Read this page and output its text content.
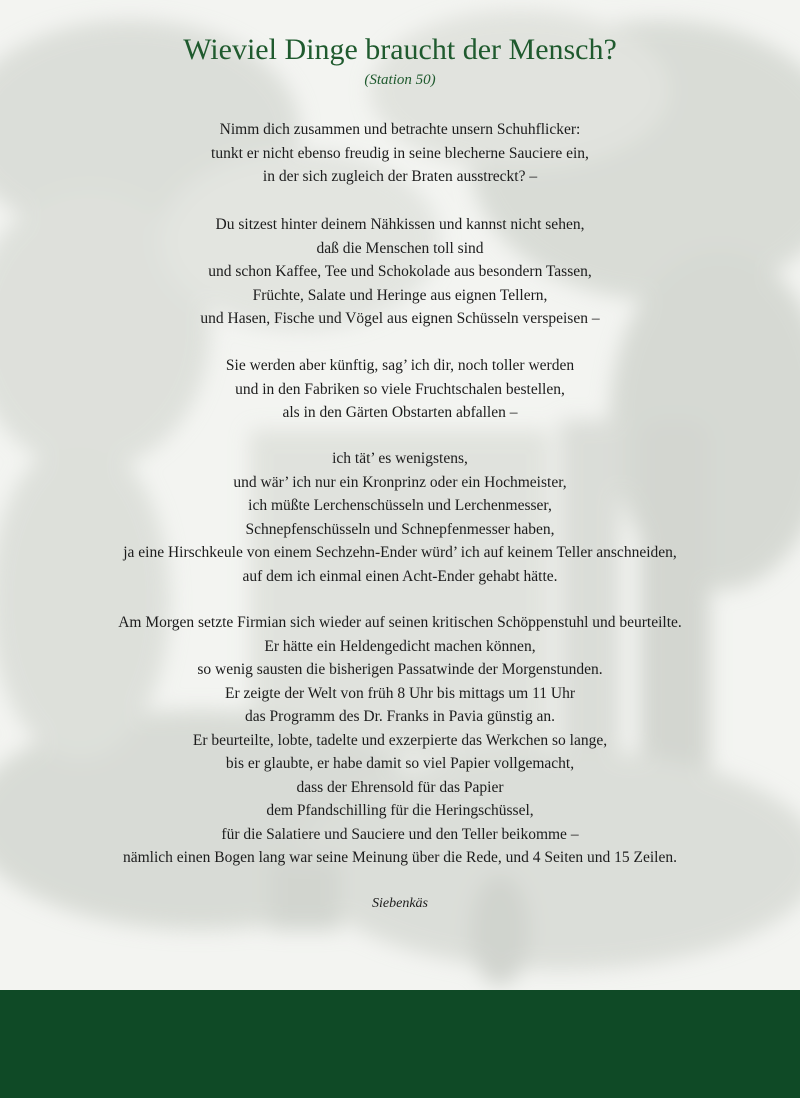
Wieviel Dinge braucht der Mensch?

(Station 50)

Nimm dich zusammen und betrachte unsern Schuhflicker:
tunkt er nicht ebenso freudig in seine blecherne Sauciere ein,
in der sich zugleich der Braten ausstreckt? –

Du sitzest hinter deinem Nähkissen und kannst nicht sehen,
daß die Menschen toll sind
und schon Kaffee, Tee und Schokolade aus besondern Tassen,
Früchte, Salate und Heringe aus eignen Tellern,
und Hasen, Fische und Vögel aus eignen Schüsseln verspeisen –

Sie werden aber künftig, sag’ ich dir, noch toller werden
und in den Fabriken so viele Fruchtschalen bestellen,
als in den Gärten Obstarten abfallen –

ich tät’ es wenigstens,
und wär’ ich nur ein Kronprinz oder ein Hochmeister,
ich müßte Lerchenschüsseln und Lerchenmesser,
Schnepfenschüsseln und Schnepfenmesser haben,
ja eine Hirschkeule von einem Sechzehn-Ender würd’ ich auf keinem Teller anschneiden,
auf dem ich einmal einen Acht-Ender gehabt hätte.

Am Morgen setzte Firmian sich wieder auf seinen kritischen Schöppenstuhl und beurteilte.
Er hätte ein Heldengedicht machen können,
so wenig sausten die bisherigen Passatwinde der Morgenstunden.
Er zeigte der Welt von früh 8 Uhr bis mittags um 11 Uhr
das Programm des Dr. Franks in Pavia günstig an.
Er beurteilte, lobte, tadelte und exzerpierte das Werkchen so lange,
bis er glaubte, er habe damit so viel Papier vollgemacht,
dass der Ehrensold für das Papier
dem Pfandschilling für die Heringschüssel,
für die Salatiere und Sauciere und den Teller beikomme –
nämlich einen Bogen lang war seine Meinung über die Rede, und 4 Seiten und 15 Zeilen.

Siebenkäs
